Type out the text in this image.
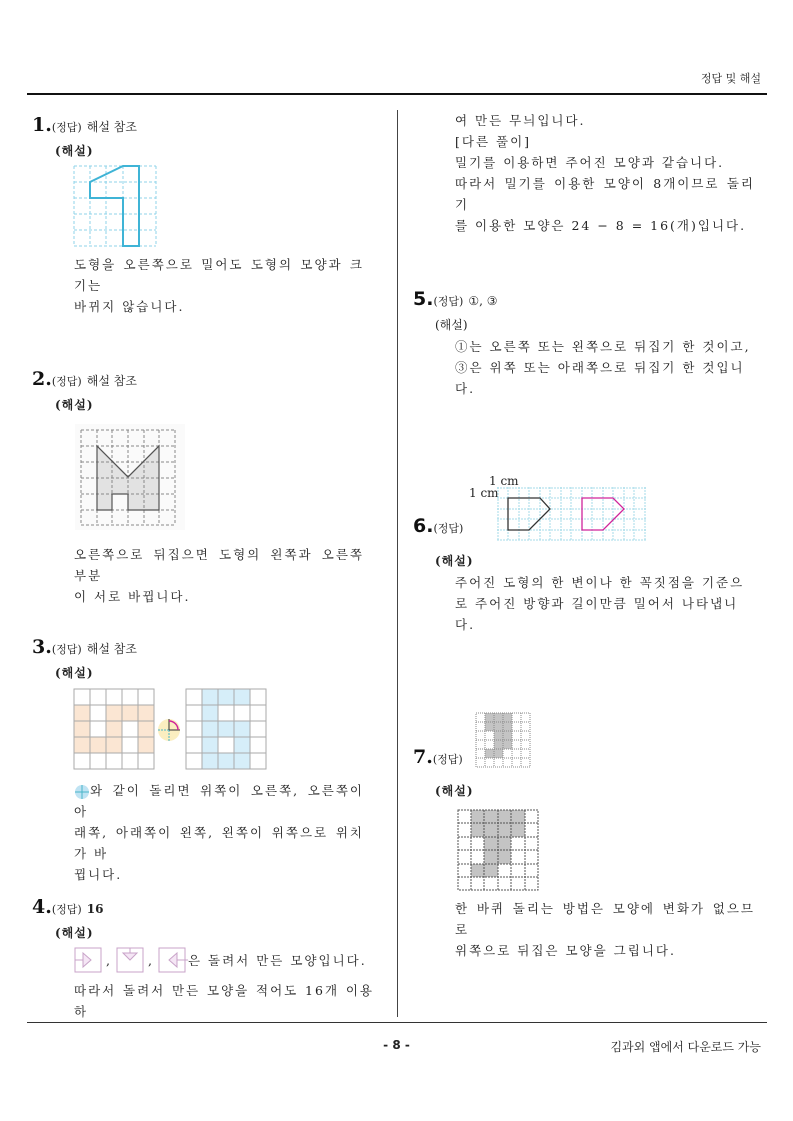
정답 및 해설
1.(정답) 해설 참조
(해설)
도형을 오른쪽으로 밀어도 도형의 모양과 크기는
바뀌지 않습니다.
2.(정답) 해설 참조
(해설)
오른쪽으로 뒤집으면 도형의 왼쪽과 오른쪽 부분
이 서로 바뀝니다.
3.(정답) 해설 참조
(해설)
와 같이 돌리면 위쪽이 오른쪽, 오른쪽이 아
래쪽, 아래쪽이 왼쪽, 왼쪽이 위쪽으로 위치가 바
뀝니다.
4.(정답) 16
(해설)
,	,	은 돌려서 만든 모양입니다.
따라서 돌려서 만든 모양을 적어도 16개 이용하
여 만든 무늬입니다.
[다른 풀이]
밀기를 이용하면 주어진 모양과 같습니다.
따라서 밀기를 이용한 모양이 8개이므로 돌리기
를 이용한 모양은 24 − 8 = 16(개)입니다.
5.(정답) ①, ③
(해설)
①는 오른쪽 또는 왼쪽으로 뒤집기 한 것이고,
③은 위쪽 또는 아래쪽으로 뒤집기 한 것입니
다.
6.(정답)
1 cm
1 cm
(해설)
주어진 도형의 한 변이나 한 꼭짓점을 기준으
로 주어진 방향과 길이만큼 밀어서 나타냅니
다.
7.(정답)
(해설)
한 바퀴 돌리는 방법은 모양에 변화가 없으므로
위쪽으로 뒤집은 모양을 그립니다.
- 8 -	김과외 앱에서 다운로드 가능
